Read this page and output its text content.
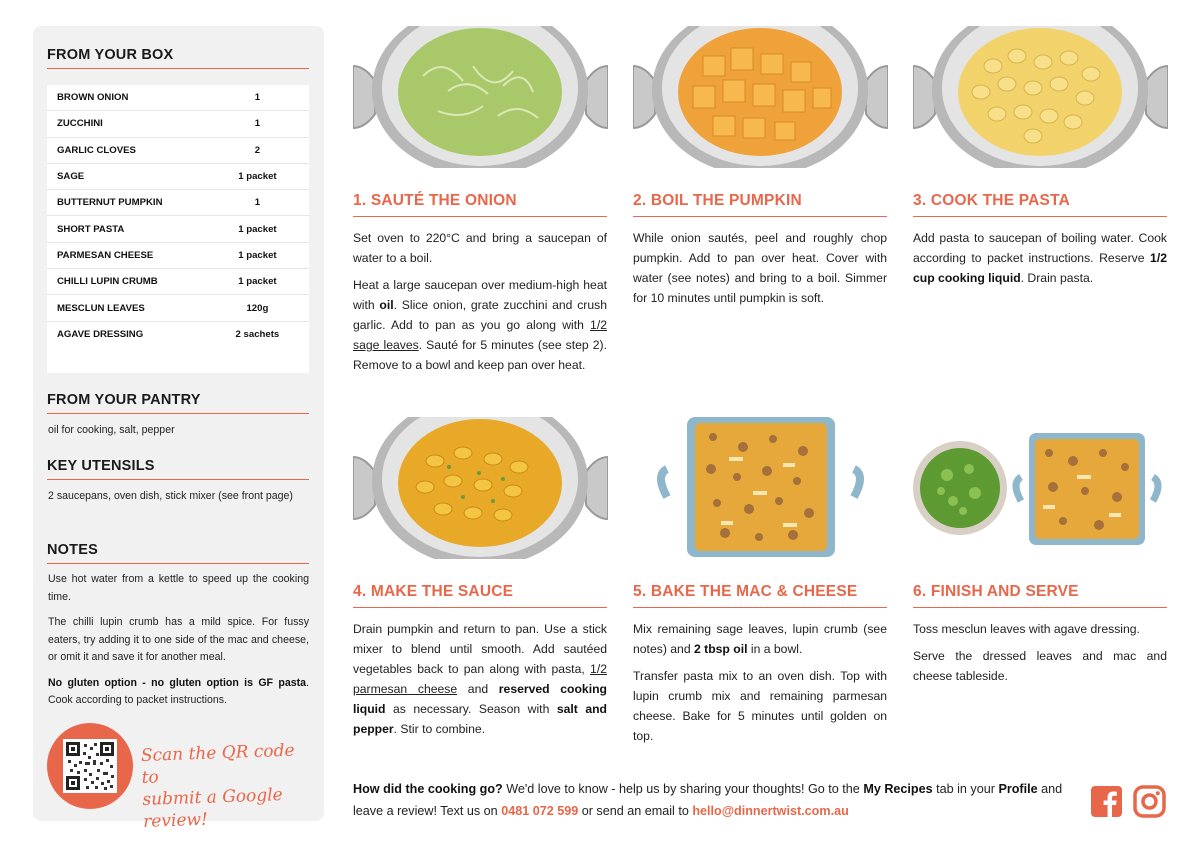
FROM YOUR BOX
BROWN ONION	1
ZUCCHINI	1
GARLIC CLOVES	2
SAGE	1 packet
BUTTERNUT PUMPKIN	1
SHORT PASTA	1 packet
PARMESAN CHEESE	1 packet
CHILLI LUPIN CRUMB	1 packet
MESCLUN LEAVES	120g
AGAVE DRESSING	2 sachets
FROM YOUR PANTRY
oil for cooking, salt, pepper
KEY UTENSILS
2 saucepans, oven dish, stick mixer (see front page)
NOTES

Use hot water from a kettle to speed up the cooking time.

The chilli lupin crumb has a mild spice. For fussy eaters, try adding it to one side of the mac and cheese, or omit it and save it for another meal.

No gluten option - no gluten option is GF pasta. Cook according to packet instructions.

Scan the QR code to
submit a Google review!
1. SAUTÉ THE ONION

Set oven to 220°C and bring a saucepan of water to a boil.

Heat a large saucepan over medium-high heat with oil. Slice onion, grate zucchini and crush garlic. Add to pan as you go along with 1/2 sage leaves. Sauté for 5 minutes (see step 2). Remove to a bowl and keep pan over heat.

2. BOIL THE PUMPKIN

While onion sautés, peel and roughly chop pumpkin. Add to pan over heat. Cover with water (see notes) and bring to a boil. Simmer for 10 minutes until pumpkin is soft.

3. COOK THE PASTA

Add pasta to saucepan of boiling water. Cook according to packet instructions. Reserve 1/2 cup cooking liquid. Drain pasta.

4. MAKE THE SAUCE

Drain pumpkin and return to pan. Use a stick mixer to blend until smooth. Add sautéed vegetables back to pan along with pasta, 1/2 parmesan cheese and reserved cooking liquid as necessary. Season with salt and pepper. Stir to combine.

5. BAKE THE MAC & CHEESE

Mix remaining sage leaves, lupin crumb (see notes) and 2 tbsp oil in a bowl.

Transfer pasta mix to an oven dish. Top with lupin crumb mix and remaining parmesan cheese. Bake for 5 minutes until golden on top.

6. FINISH AND SERVE

Toss mesclun leaves with agave dressing.

Serve the dressed leaves and mac and cheese tableside.

How did the cooking go? We'd love to know - help us by sharing your thoughts! Go to the My Recipes tab in your Profile and leave a review! Text us on 0481 072 599 or send an email to hello@dinnertwist.com.au
